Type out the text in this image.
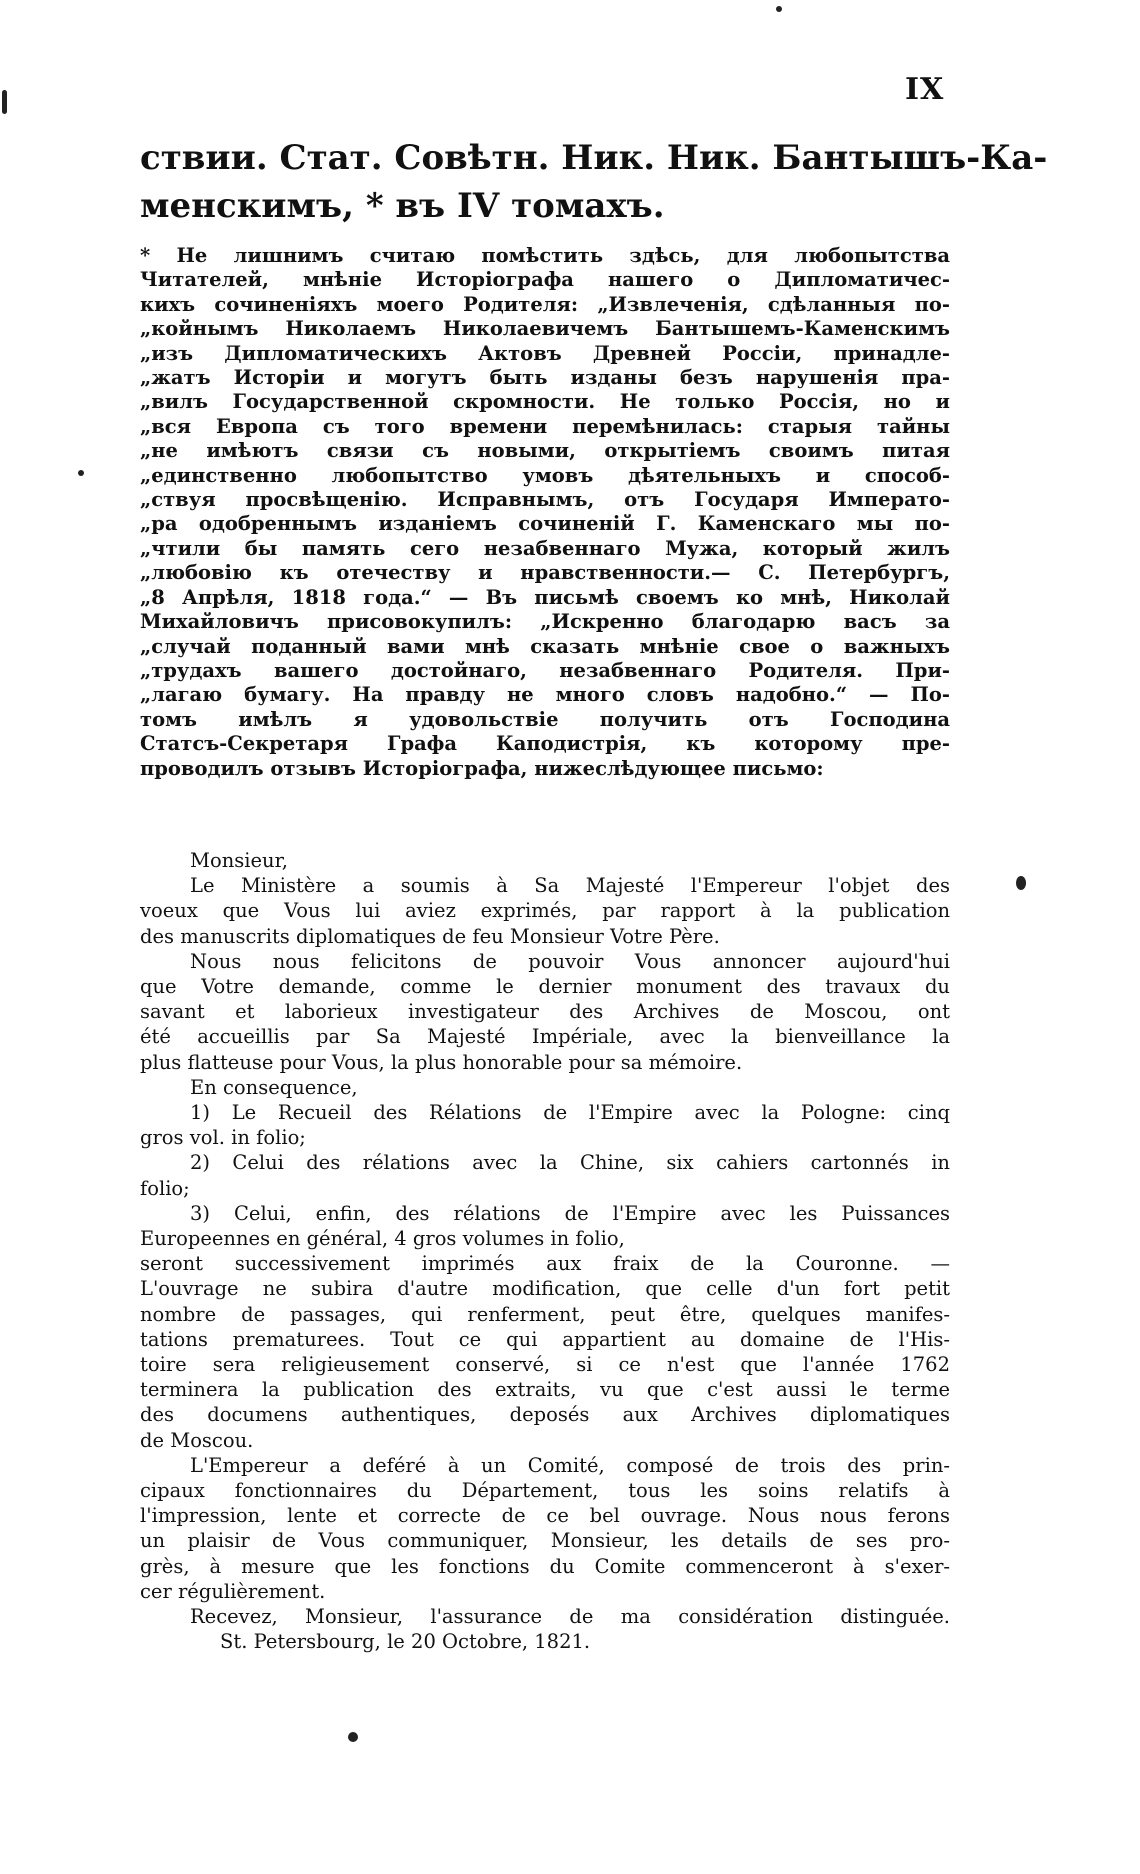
IX
ствии. Стат. Совѣтн. Ник. Ник. Бантышъ-Ка-
менскимъ, * въ IV томахъ.
* Не лишнимъ считаю помѣстить здѣсь, для любопытства
Читателей, мнѣніе Исторіографа нашего о Дипломатичес-
кихъ сочиненіяхъ моего Родителя: „Извлеченія, сдѣланныя по-
„койнымъ Николаемъ Николаевичемъ Бантышемъ-Каменскимъ
„изъ Дипломатическихъ Актовъ Древней Россіи, принадле-
„жатъ Исторіи и могутъ быть изданы безъ нарушенія пра-
„вилъ Государственной скромности. Не только Россія, но и
„вся Европа съ того времени перемѣнилась: старыя тайны
„не имѣютъ связи съ новыми, открытіемъ своимъ питая
„единственно любопытство умовъ дѣятельныхъ и способ-
„ствуя просвѣщенію. Исправнымъ, отъ Государя Императо-
„ра одобреннымъ изданіемъ сочиненій Г. Каменскаго мы по-
„чтили бы память сего незабвеннаго Мужа, который жилъ
„любовію къ отечеству и нравственности.— С. Петербургъ,
„8 Апрѣля, 1818 года.“ — Въ письмѣ своемъ ко мнѣ, Николай
Михайловичъ присовокупилъ: „Искренно благодарю васъ за
„случай поданный вами мнѣ сказать мнѣніе свое о важныхъ
„трудахъ вашего достойнаго, незабвеннаго Родителя. При-
„лагаю бумагу. На правду не много словъ надобно.“ — По-
томъ имѣлъ я удовольствіе получить отъ Господина
Статсъ-Секретаря Графа Каподистрія, къ которому пре-
проводилъ отзывъ Исторіографа, нижеслѣдующее письмо:
Monsieur,
Le Ministère a soumis à Sa Majesté l'Empereur l'objet des
voeux que Vous lui aviez exprimés, par rapport à la publication
des manuscrits diplomatiques de feu Monsieur Votre Père.
Nous nous felicitons de pouvoir Vous annoncer aujourd'hui
que Votre demande, comme le dernier monument des travaux du
savant et laborieux investigateur des Archives de Moscou, ont
été accueillis par Sa Majesté Impériale, avec la bienveillance la
plus flatteuse pour Vous, la plus honorable pour sa mémoire.
En consequence,
1) Le Recueil des Rélations de l'Empire avec la Pologne: cinq
gros vol. in folio;
2) Celui des rélations avec la Chine, six cahiers cartonnés in
folio;
3) Celui, enfin, des rélations de l'Empire avec les Puissances
Europeennes en général, 4 gros volumes in folio,
seront successivement imprimés aux fraix de la Couronne. —
L'ouvrage ne subira d'autre modification, que celle d'un fort petit
nombre de passages, qui renferment, peut être, quelques manifes-
tations prematurees. Tout ce qui appartient au domaine de l'His-
toire sera religieusement conservé, si ce n'est que l'année 1762
terminera la publication des extraits, vu que c'est aussi le terme
des documens authentiques, deposés aux Archives diplomatiques
de Moscou.
L'Empereur a deféré à un Comité, composé de trois des prin-
cipaux fonctionnaires du Département, tous les soins relatifs à
l'impression, lente et correcte de ce bel ouvrage. Nous nous ferons
un plaisir de Vous communiquer, Monsieur, les details de ses pro-
grès, à mesure que les fonctions du Comite commenceront à s'exer-
cer régulièrement.
Recevez, Monsieur, l'assurance de ma considération distinguée.
St. Petersbourg, le 20 Octobre, 1821.
